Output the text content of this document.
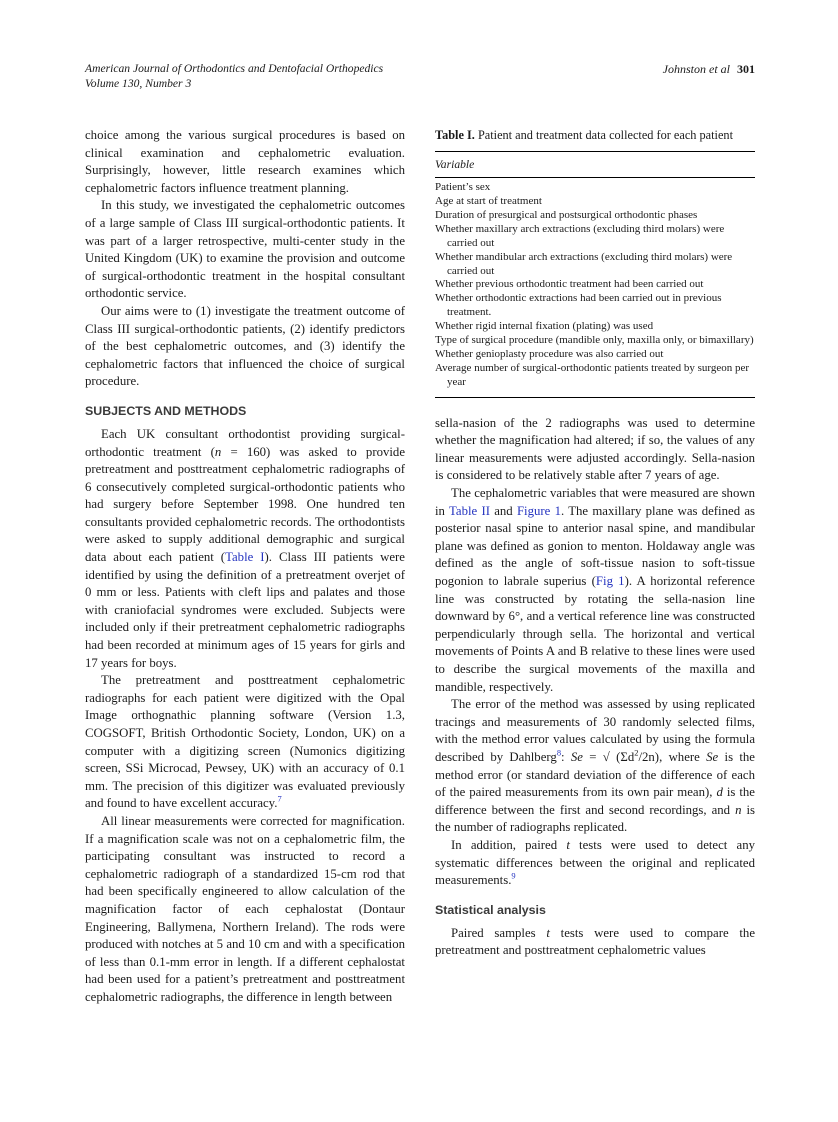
American Journal of Orthodontics and Dentofacial Orthopedics
Volume 130, Number 3
Johnston et al 301

choice among the various surgical procedures is based on clinical examination and cephalometric evaluation. Surprisingly, however, little research examines which cephalometric factors influence treatment planning.

In this study, we investigated the cephalometric outcomes of a large sample of Class III surgical-orthodontic patients. It was part of a larger retrospective, multi-center study in the United Kingdom (UK) to examine the provision and outcome of surgical-orthodontic treatment in the hospital consultant orthodontic service.

Our aims were to (1) investigate the treatment outcome of Class III surgical-orthodontic patients, (2) identify predictors of the best cephalometric outcomes, and (3) identify the cephalometric factors that influenced the choice of surgical procedure.

SUBJECTS AND METHODS

Each UK consultant orthodontist providing surgical-orthodontic treatment (n = 160) was asked to provide pretreatment and posttreatment cephalometric radiographs of 6 consecutively completed surgical-orthodontic patients who had surgery before September 1998. One hundred ten consultants provided cephalometric records. The orthodontists were asked to supply additional demographic and surgical data about each patient (Table I). Class III patients were identified by using the definition of a pretreatment overjet of 0 mm or less. Patients with cleft lips and palates and those with craniofacial syndromes were excluded. Subjects were included only if their pretreatment cephalometric radiographs had been recorded at minimum ages of 15 years for girls and 17 years for boys.

The pretreatment and posttreatment cephalometric radiographs for each patient were digitized with the Opal Image orthognathic planning software (Version 1.3, COGSOFT, British Orthodontic Society, London, UK) on a computer with a digitizing screen (Numonics digitizing screen, SSi Microcad, Pewsey, UK) with an accuracy of 0.1 mm. The precision of this digitizer was evaluated previously and found to have excellent accuracy.$^7$

All linear measurements were corrected for magnification. If a magnification scale was not on a cephalometric film, the participating consultant was instructed to record a cephalometric radiograph of a standardized 15-cm rod that had been specifically engineered to allow calculation of the magnification factor of each cephalostat (Dontaur Engineering, Ballymena, Northern Ireland). The rods were produced with notches at 5 and 10 cm and with a specification of less than 0.1-mm error in length. If a different cephalostat had been used for a patient’s pretreatment and posttreatment cephalometric radiographs, the difference in length between

Table I. Patient and treatment data collected for each patient

Variable
Patient’s sex
Age at start of treatment
Duration of presurgical and postsurgical orthodontic phases
Whether maxillary arch extractions (excluding third molars) were carried out
Whether mandibular arch extractions (excluding third molars) were carried out
Whether previous orthodontic treatment had been carried out
Whether orthodontic extractions had been carried out in previous treatment.
Whether rigid internal fixation (plating) was used
Type of surgical procedure (mandible only, maxilla only, or bimaxillary)
Whether genioplasty procedure was also carried out
Average number of surgical-orthodontic patients treated by surgeon per year

sella-nasion of the 2 radiographs was used to determine whether the magnification had altered; if so, the values of any linear measurements were adjusted accordingly. Sella-nasion is considered to be relatively stable after 7 years of age.

The cephalometric variables that were measured are shown in Table II and Figure 1. The maxillary plane was defined as posterior nasal spine to anterior nasal spine, and mandibular plane was defined as gonion to menton. Holdaway angle was defined as the angle of soft-tissue nasion to soft-tissue pogonion to labrale superius (Fig 1). A horizontal reference line was constructed by rotating the sella-nasion line downward by 6°, and a vertical reference line was constructed perpendicularly through sella. The horizontal and vertical movements of Points A and B relative to these lines were used to describe the surgical movements of the maxilla and mandible, respectively.

The error of the method was assessed by using replicated tracings and measurements of 30 randomly selected films, with the method error values calculated by using the formula described by Dahlberg$^8$: Se = √ $(\Sigma d^2/2n)$, where Se is the method error (or standard deviation of the difference of each of the paired measurements from its own pair mean), d is the difference between the first and second recordings, and n is the number of radiographs replicated.

In addition, paired t tests were used to detect any systematic differences between the original and replicated measurements.$^9$

Statistical analysis

Paired samples t tests were used to compare the pretreatment and posttreatment cephalometric values
